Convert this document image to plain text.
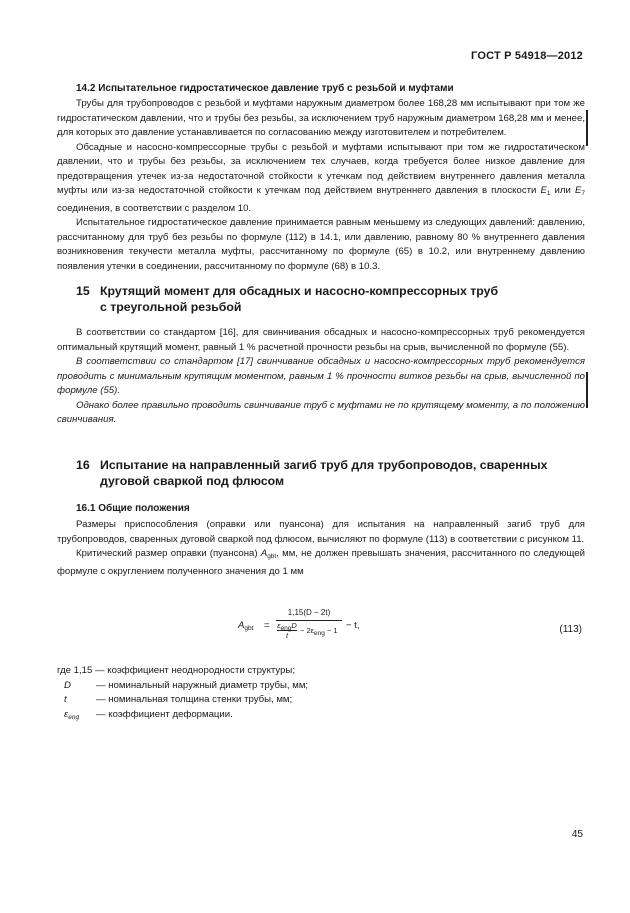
ГОСТ Р 54918—2012
14.2 Испытательное гидростатическое давление труб с резьбой и муфтами

Трубы для трубопроводов с резьбой и муфтами наружным диаметром более 168,28 мм испытывают при том же гидростатическом давлении, что и трубы без резьбы, за исключением труб наружным диаметром 168,28 мм и менее, для которых это давление устанавливается по согласованию между изготовителем и потребителем.

Обсадные и насосно-компрессорные трубы с резьбой и муфтами испытывают при том же гидростатическом давлении, что и трубы без резьбы, за исключением тех случаев, когда требуется более низкое давление для предотвращения утечек из-за недостаточной стойкости к утечкам под действием внутреннего давления металла муфты или из-за недостаточной стойкости к утечкам под действием внутреннего давления в плоскости $E_1$ или $E_7$ соединения, в соответствии с разделом 10.

Испытательное гидростатическое давление принимается равным меньшему из следующих давлений: давлению, рассчитанному для труб без резьбы по формуле (112) в 14.1, или давлению, равному 80 % внутреннего давления возникновения текучести металла муфты, рассчитанному по формуле (65) в 10.2, или внутреннему давлению появления утечки в соединении, рассчитанному по формуле (68) в 10.3.

15 Крутящий момент для обсадных и насосно-компрессорных труб
с треугольной резьбой

В соответствии со стандартом [16], для свинчивания обсадных и насосно-компрессорных труб рекомендуется оптимальный крутящий момент, равный 1 % расчетной прочности резьбы на срыв, вычисленной по формуле (55).

В соответствии со стандартом [17] свинчивание обсадных и насосно-компрессорных труб рекомендуется проводить с минимальным крутящим моментом, равным 1 % прочности витков резьбы на срыв, вычисленной по формуле (55).

Однако более правильно проводить свинчивание труб с муфтами не по крутящему моменту, а по положению свинчивания.

16 Испытание на направленный загиб труб для трубопроводов, сваренных
дуговой сваркой под флюсом
16.1 Общие положения

Размеры приспособления (оправки или пуансона) для испытания на направленный загиб труб для трубопроводов, сваренных дуговой сваркой под флюсом, вычисляют по формуле (113) в соответствии с рисунком 11.

Критический размер оправки (пуансона) $A_{gbt}$, мм, не должен превышать значения, рассчитанного по следующей формуле с округлением полученного значения до 1 мм

$A_{gbt}$ =
1,15(D − 2t)
$\varepsilon_{eng}D$
t
− $2\varepsilon_{eng} - 1 - t$,	(113)
где 1,15 — коэффициент неоднородности структуры;
D	— номинальный наружный диаметр трубы, мм;
t	— номинальная толщина стенки трубы, мм;
$\varepsilon_{eng}$ — коэффициент деформации.
45
